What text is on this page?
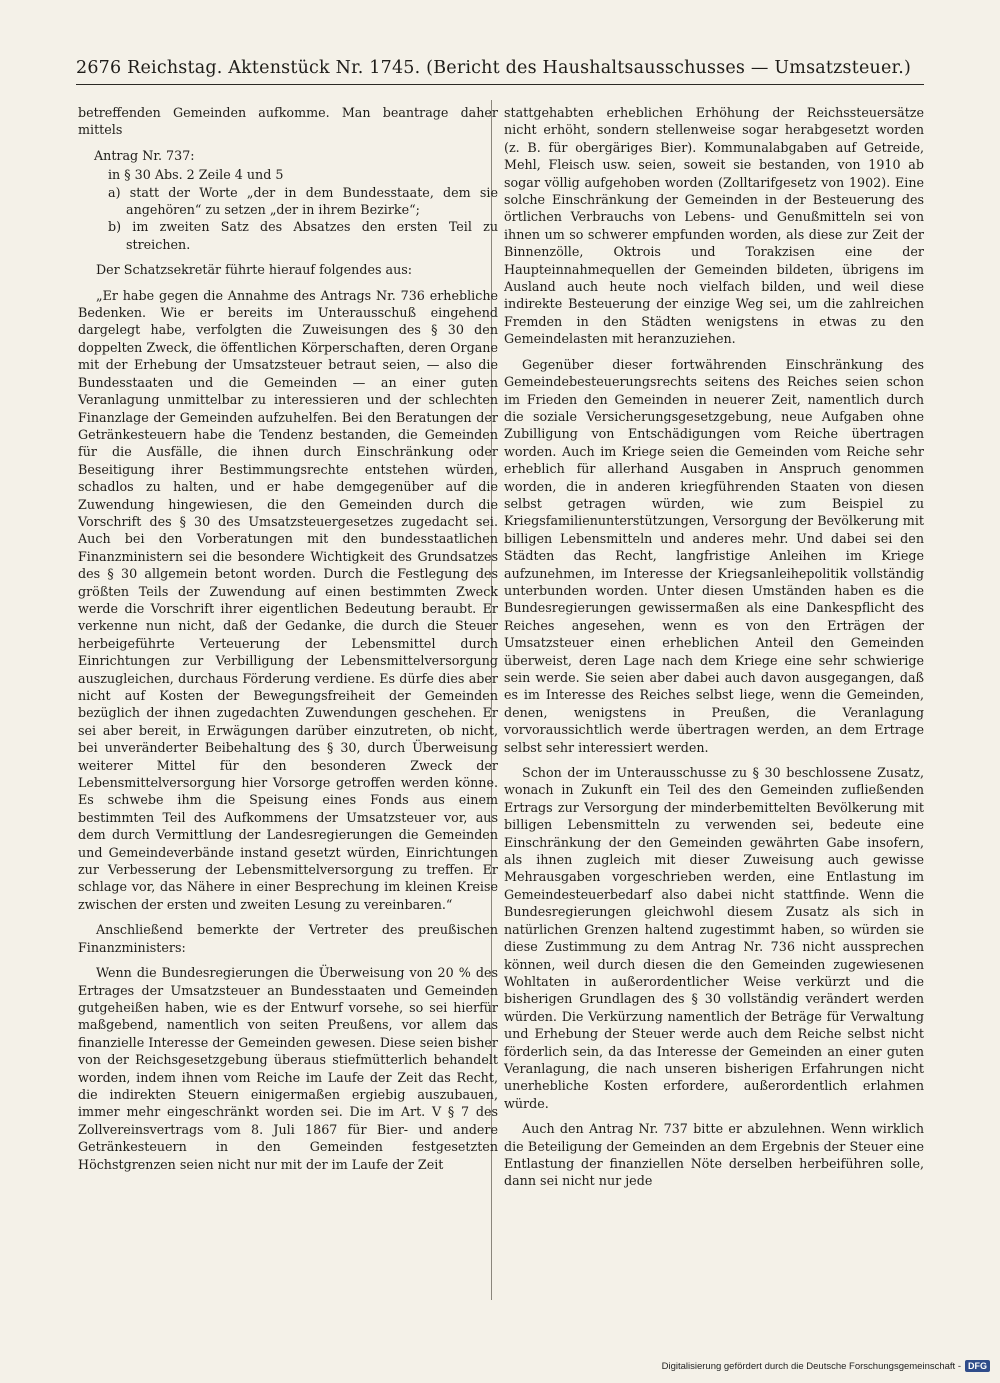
2676 Reichstag. Aktenstück Nr. 1745. (Bericht des Haushaltsausschusses — Umsatzsteuer.)

betreffenden Gemeinden aufkomme. Man beantrage daher mittels

Antrag Nr. 737:
in § 30 Abs. 2 Zeile 4 und 5
a) statt der Worte „der in dem Bundesstaate, dem sie angehören“ zu setzen „der in ihrem Bezirke“;
b) im zweiten Satz des Absatzes den ersten Teil zu streichen.

Der Schatzsekretär führte hierauf folgendes aus:

„Er habe gegen die Annahme des Antrags Nr. 736 erhebliche Bedenken. Wie er bereits im Unterausschuß eingehend dargelegt habe, verfolgten die Zuweisungen des § 30 den doppelten Zweck, die öffentlichen Körperschaften, deren Organe mit der Erhebung der Umsatzsteuer betraut seien, — also die Bundesstaaten und die Gemeinden — an einer guten Veranlagung unmittelbar zu interessieren und der schlechten Finanzlage der Gemeinden aufzuhelfen. Bei den Beratungen der Getränkesteuern habe die Tendenz bestanden, die Gemeinden für die Ausfälle, die ihnen durch Einschränkung oder Beseitigung ihrer Bestimmungsrechte entstehen würden, schadlos zu halten, und er habe demgegenüber auf die Zuwendung hingewiesen, die den Gemeinden durch die Vorschrift des § 30 des Umsatzsteuergesetzes zugedacht sei. Auch bei den Vorberatungen mit den bundesstaatlichen Finanzministern sei die besondere Wichtigkeit des Grundsatzes des § 30 allgemein betont worden. Durch die Festlegung des größten Teils der Zuwendung auf einen bestimmten Zweck werde die Vorschrift ihrer eigentlichen Bedeutung beraubt. Er verkenne nun nicht, daß der Gedanke, die durch die Steuer herbeigeführte Verteuerung der Lebensmittel durch Einrichtungen zur Verbilligung der Lebensmittelversorgung auszugleichen, durchaus Förderung verdiene. Es dürfe dies aber nicht auf Kosten der Bewegungsfreiheit der Gemeinden bezüglich der ihnen zugedachten Zuwendungen geschehen. Er sei aber bereit, in Erwägungen darüber einzutreten, ob nicht, bei unveränderter Beibehaltung des § 30, durch Überweisung weiterer Mittel für den besonderen Zweck der Lebensmittelversorgung hier Vorsorge getroffen werden könne. Es schwebe ihm die Speisung eines Fonds aus einem bestimmten Teil des Aufkommens der Umsatzsteuer vor, aus dem durch Vermittlung der Landesregierungen die Gemeinden und Gemeindeverbände instand gesetzt würden, Einrichtungen zur Verbesserung der Lebensmittelversorgung zu treffen. Er schlage vor, das Nähere in einer Besprechung im kleinen Kreise zwischen der ersten und zweiten Lesung zu vereinbaren.“

Anschließend bemerkte der Vertreter des preußischen Finanzministers:

Wenn die Bundesregierungen die Überweisung von 20 % des Ertrages der Umsatzsteuer an Bundesstaaten und Gemeinden gutgeheißen haben, wie es der Entwurf vorsehe, so sei hierfür maßgebend, namentlich von seiten Preußens, vor allem das finanzielle Interesse der Gemeinden gewesen. Diese seien bisher von der Reichsgesetzgebung überaus stiefmütterlich behandelt worden, indem ihnen vom Reiche im Laufe der Zeit das Recht, die indirekten Steuern einigermaßen ergiebig auszubauen, immer mehr eingeschränkt worden sei. Die im Art. V § 7 des Zollvereinsvertrags vom 8. Juli 1867 für Bier- und andere Getränkesteuern in den Gemeinden festgesetzten Höchstgrenzen seien nicht nur mit der im Laufe der Zeit

stattgehabten erheblichen Erhöhung der Reichssteuersätze nicht erhöht, sondern stellenweise sogar herabgesetzt worden (z. B. für obergäriges Bier). Kommunalabgaben auf Getreide, Mehl, Fleisch usw. seien, soweit sie bestanden, von 1910 ab sogar völlig aufgehoben worden (Zolltarifgesetz von 1902). Eine solche Einschränkung der Gemeinden in der Besteuerung des örtlichen Verbrauchs von Lebens- und Genußmitteln sei von ihnen um so schwerer empfunden worden, als diese zur Zeit der Binnenzölle, Oktrois und Torakzisen eine der Haupteinnahmequellen der Gemeinden bildeten, übrigens im Ausland auch heute noch vielfach bilden, und weil diese indirekte Besteuerung der einzige Weg sei, um die zahlreichen Fremden in den Städten wenigstens in etwas zu den Gemeindelasten mit heranzuziehen.

Gegenüber dieser fortwährenden Einschränkung des Gemeindebesteuerungsrechts seitens des Reiches seien schon im Frieden den Gemeinden in neuerer Zeit, namentlich durch die soziale Versicherungsgesetzgebung, neue Aufgaben ohne Zubilligung von Entschädigungen vom Reiche übertragen worden. Auch im Kriege seien die Gemeinden vom Reiche sehr erheblich für allerhand Ausgaben in Anspruch genommen worden, die in anderen kriegführenden Staaten von diesen selbst getragen würden, wie zum Beispiel zu Kriegsfamilienunterstützungen, Versorgung der Bevölkerung mit billigen Lebensmitteln und anderes mehr. Und dabei sei den Städten das Recht, langfristige Anleihen im Kriege aufzunehmen, im Interesse der Kriegsanleihepolitik vollständig unterbunden worden. Unter diesen Umständen haben es die Bundesregierungen gewissermaßen als eine Dankespflicht des Reiches angesehen, wenn es von den Erträgen der Umsatzsteuer einen erheblichen Anteil den Gemeinden überweist, deren Lage nach dem Kriege eine sehr schwierige sein werde. Sie seien aber dabei auch davon ausgegangen, daß es im Interesse des Reiches selbst liege, wenn die Gemeinden, denen, wenigstens in Preußen, die Veranlagung vorvoraussichtlich werde übertragen werden, an dem Ertrage selbst sehr interessiert werden.

Schon der im Unterausschusse zu § 30 beschlossene Zusatz, wonach in Zukunft ein Teil des den Gemeinden zufließenden Ertrags zur Versorgung der minderbemittelten Bevölkerung mit billigen Lebensmitteln zu verwenden sei, bedeute eine Einschränkung der den Gemeinden gewährten Gabe insofern, als ihnen zugleich mit dieser Zuweisung auch gewisse Mehrausgaben vorgeschrieben werden, eine Entlastung im Gemeindesteuerbedarf also dabei nicht stattfinde. Wenn die Bundesregierungen gleichwohl diesem Zusatz als sich in natürlichen Grenzen haltend zugestimmt haben, so würden sie diese Zustimmung zu dem Antrag Nr. 736 nicht aussprechen können, weil durch diesen die den Gemeinden zugewiesenen Wohltaten in außerordentlicher Weise verkürzt und die bisherigen Grundlagen des § 30 vollständig verändert werden würden. Die Verkürzung namentlich der Beträge für Verwaltung und Erhebung der Steuer werde auch dem Reiche selbst nicht förderlich sein, da das Interesse der Gemeinden an einer guten Veranlagung, die nach unseren bisherigen Erfahrungen nicht unerhebliche Kosten erfordere, außerordentlich erlahmen würde.

Auch den Antrag Nr. 737 bitte er abzulehnen. Wenn wirklich die Beteiligung der Gemeinden an dem Ergebnis der Steuer eine Entlastung der finanziellen Nöte derselben herbeiführen solle, dann sei nicht nur jede

Digitalisierung gefördert durch die Deutsche Forschungsgemeinschaft - DFG
